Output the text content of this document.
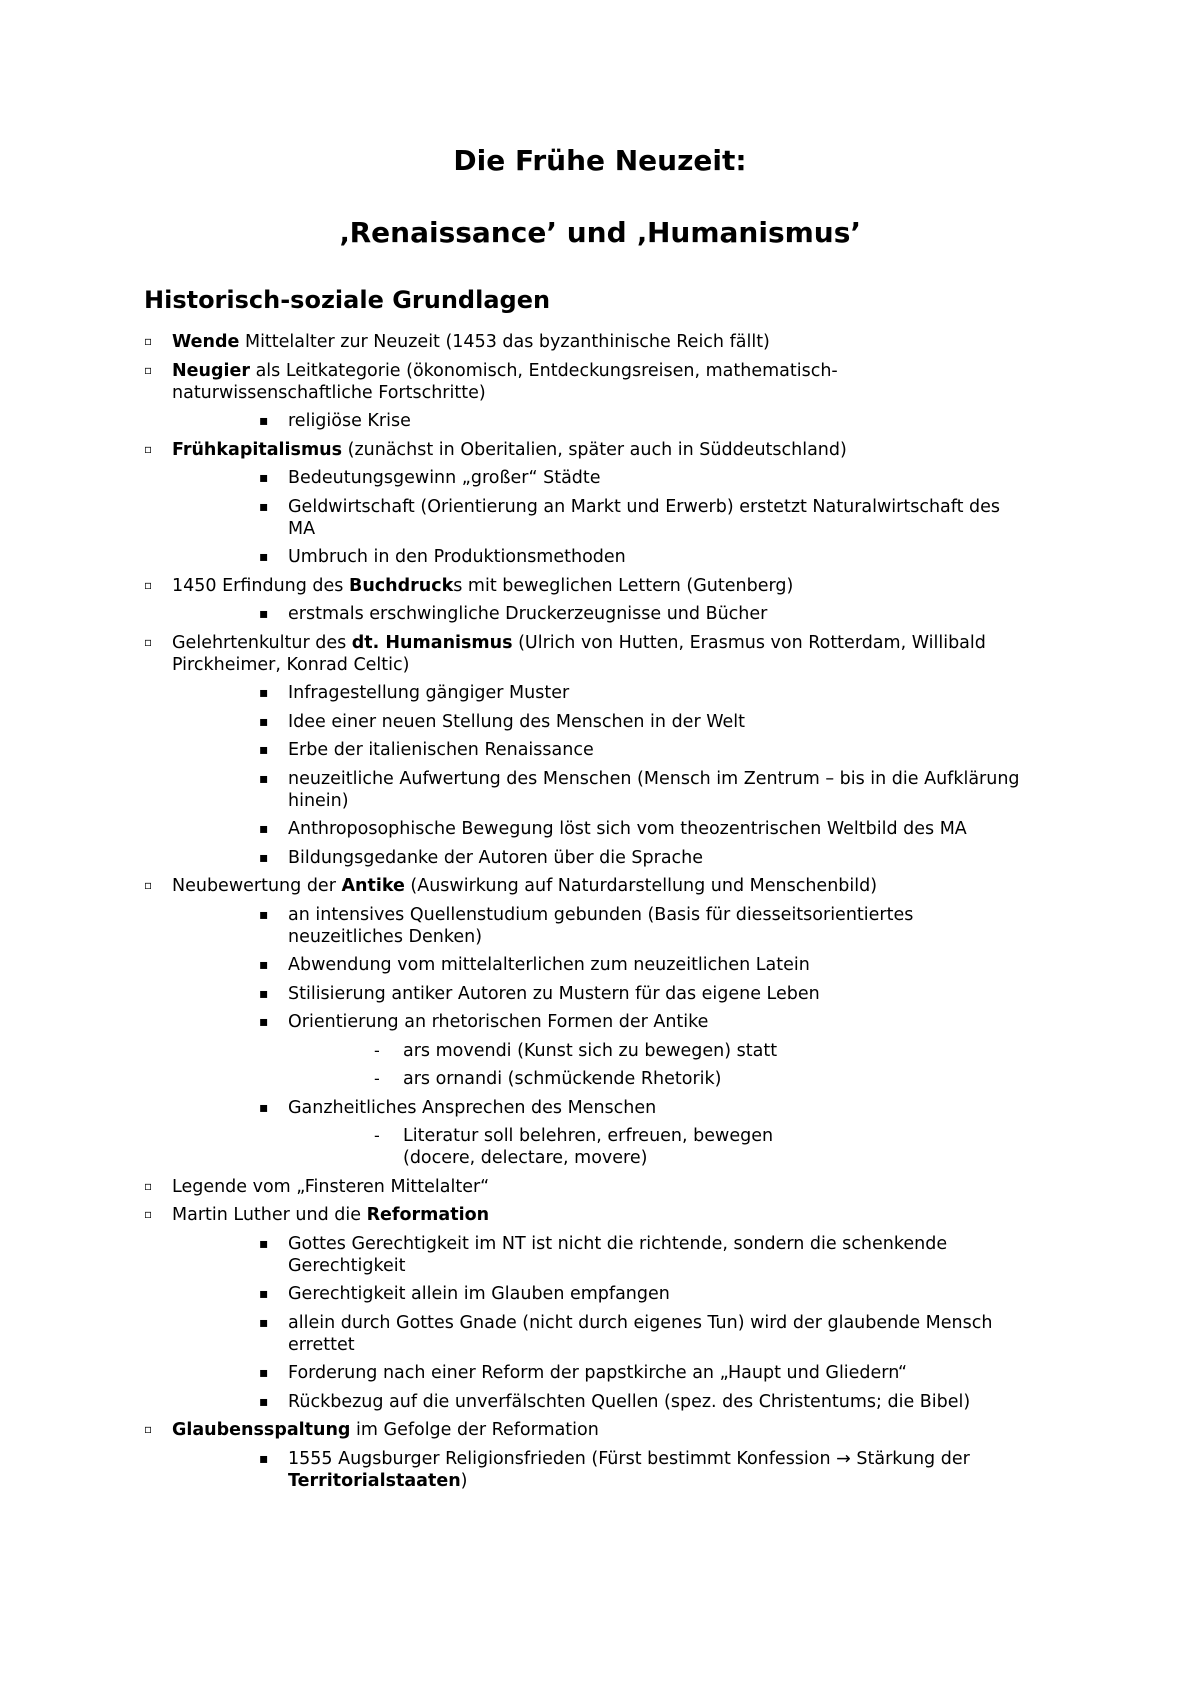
Die Frühe Neuzeit:
‚Renaissance’ und ‚Humanismus’
Historisch-soziale Grundlagen
▫ Wende Mittelalter zur Neuzeit (1453 das byzanthinische Reich fällt)
▫ Neugier als Leitkategorie (ökonomisch, Entdeckungsreisen, mathematisch-
naturwissenschaftliche Fortschritte)
▪ religiöse Krise
▫ Frühkapitalismus (zunächst in Oberitalien, später auch in Süddeutschland)
▪ Bedeutungsgewinn „großer“ Städte
▪ Geldwirtschaft (Orientierung an Markt und Erwerb) erstetzt Naturalwirtschaft des
MA
▪ Umbruch in den Produktionsmethoden
▫ 1450 Erfindung des Buchdrucks mit beweglichen Lettern (Gutenberg)
▪ erstmals erschwingliche Druckerzeugnisse und Bücher
▫ Gelehrtenkultur des dt. Humanismus (Ulrich von Hutten, Erasmus von Rotterdam, Willibald
Pirckheimer, Konrad Celtic)
▪ Infragestellung gängiger Muster
▪ Idee einer neuen Stellung des Menschen in der Welt
▪ Erbe der italienischen Renaissance
▪ neuzeitliche Aufwertung des Menschen (Mensch im Zentrum – bis in die Aufklärung
hinein)
▪ Anthroposophische Bewegung löst sich vom theozentrischen Weltbild des MA
▪ Bildungsgedanke der Autoren über die Sprache
▫ Neubewertung der Antike (Auswirkung auf Naturdarstellung und Menschenbild)
▪ an intensives Quellenstudium gebunden (Basis für diesseitsorientiertes
neuzeitliches Denken)
▪ Abwendung vom mittelalterlichen zum neuzeitlichen Latein
▪ Stilisierung antiker Autoren zu Mustern für das eigene Leben
▪ Orientierung an rhetorischen Formen der Antike
- ars movendi (Kunst sich zu bewegen) statt
- ars ornandi (schmückende Rhetorik)
▪ Ganzheitliches Ansprechen des Menschen
- Literatur soll belehren, erfreuen, bewegen
(docere, delectare, movere)
▫ Legende vom „Finsteren Mittelalter“
▫ Martin Luther und die Reformation
▪ Gottes Gerechtigkeit im NT ist nicht die richtende, sondern die schenkende
Gerechtigkeit
▪ Gerechtigkeit allein im Glauben empfangen
▪ allein durch Gottes Gnade (nicht durch eigenes Tun) wird der glaubende Mensch
errettet
▪ Forderung nach einer Reform der papstkirche an „Haupt und Gliedern“
▪ Rückbezug auf die unverfälschten Quellen (spez. des Christentums; die Bibel)
▫ Glaubensspaltung im Gefolge der Reformation
▪ 1555 Augsburger Religionsfrieden (Fürst bestimmt Konfession → Stärkung der
Territorialstaaten)
